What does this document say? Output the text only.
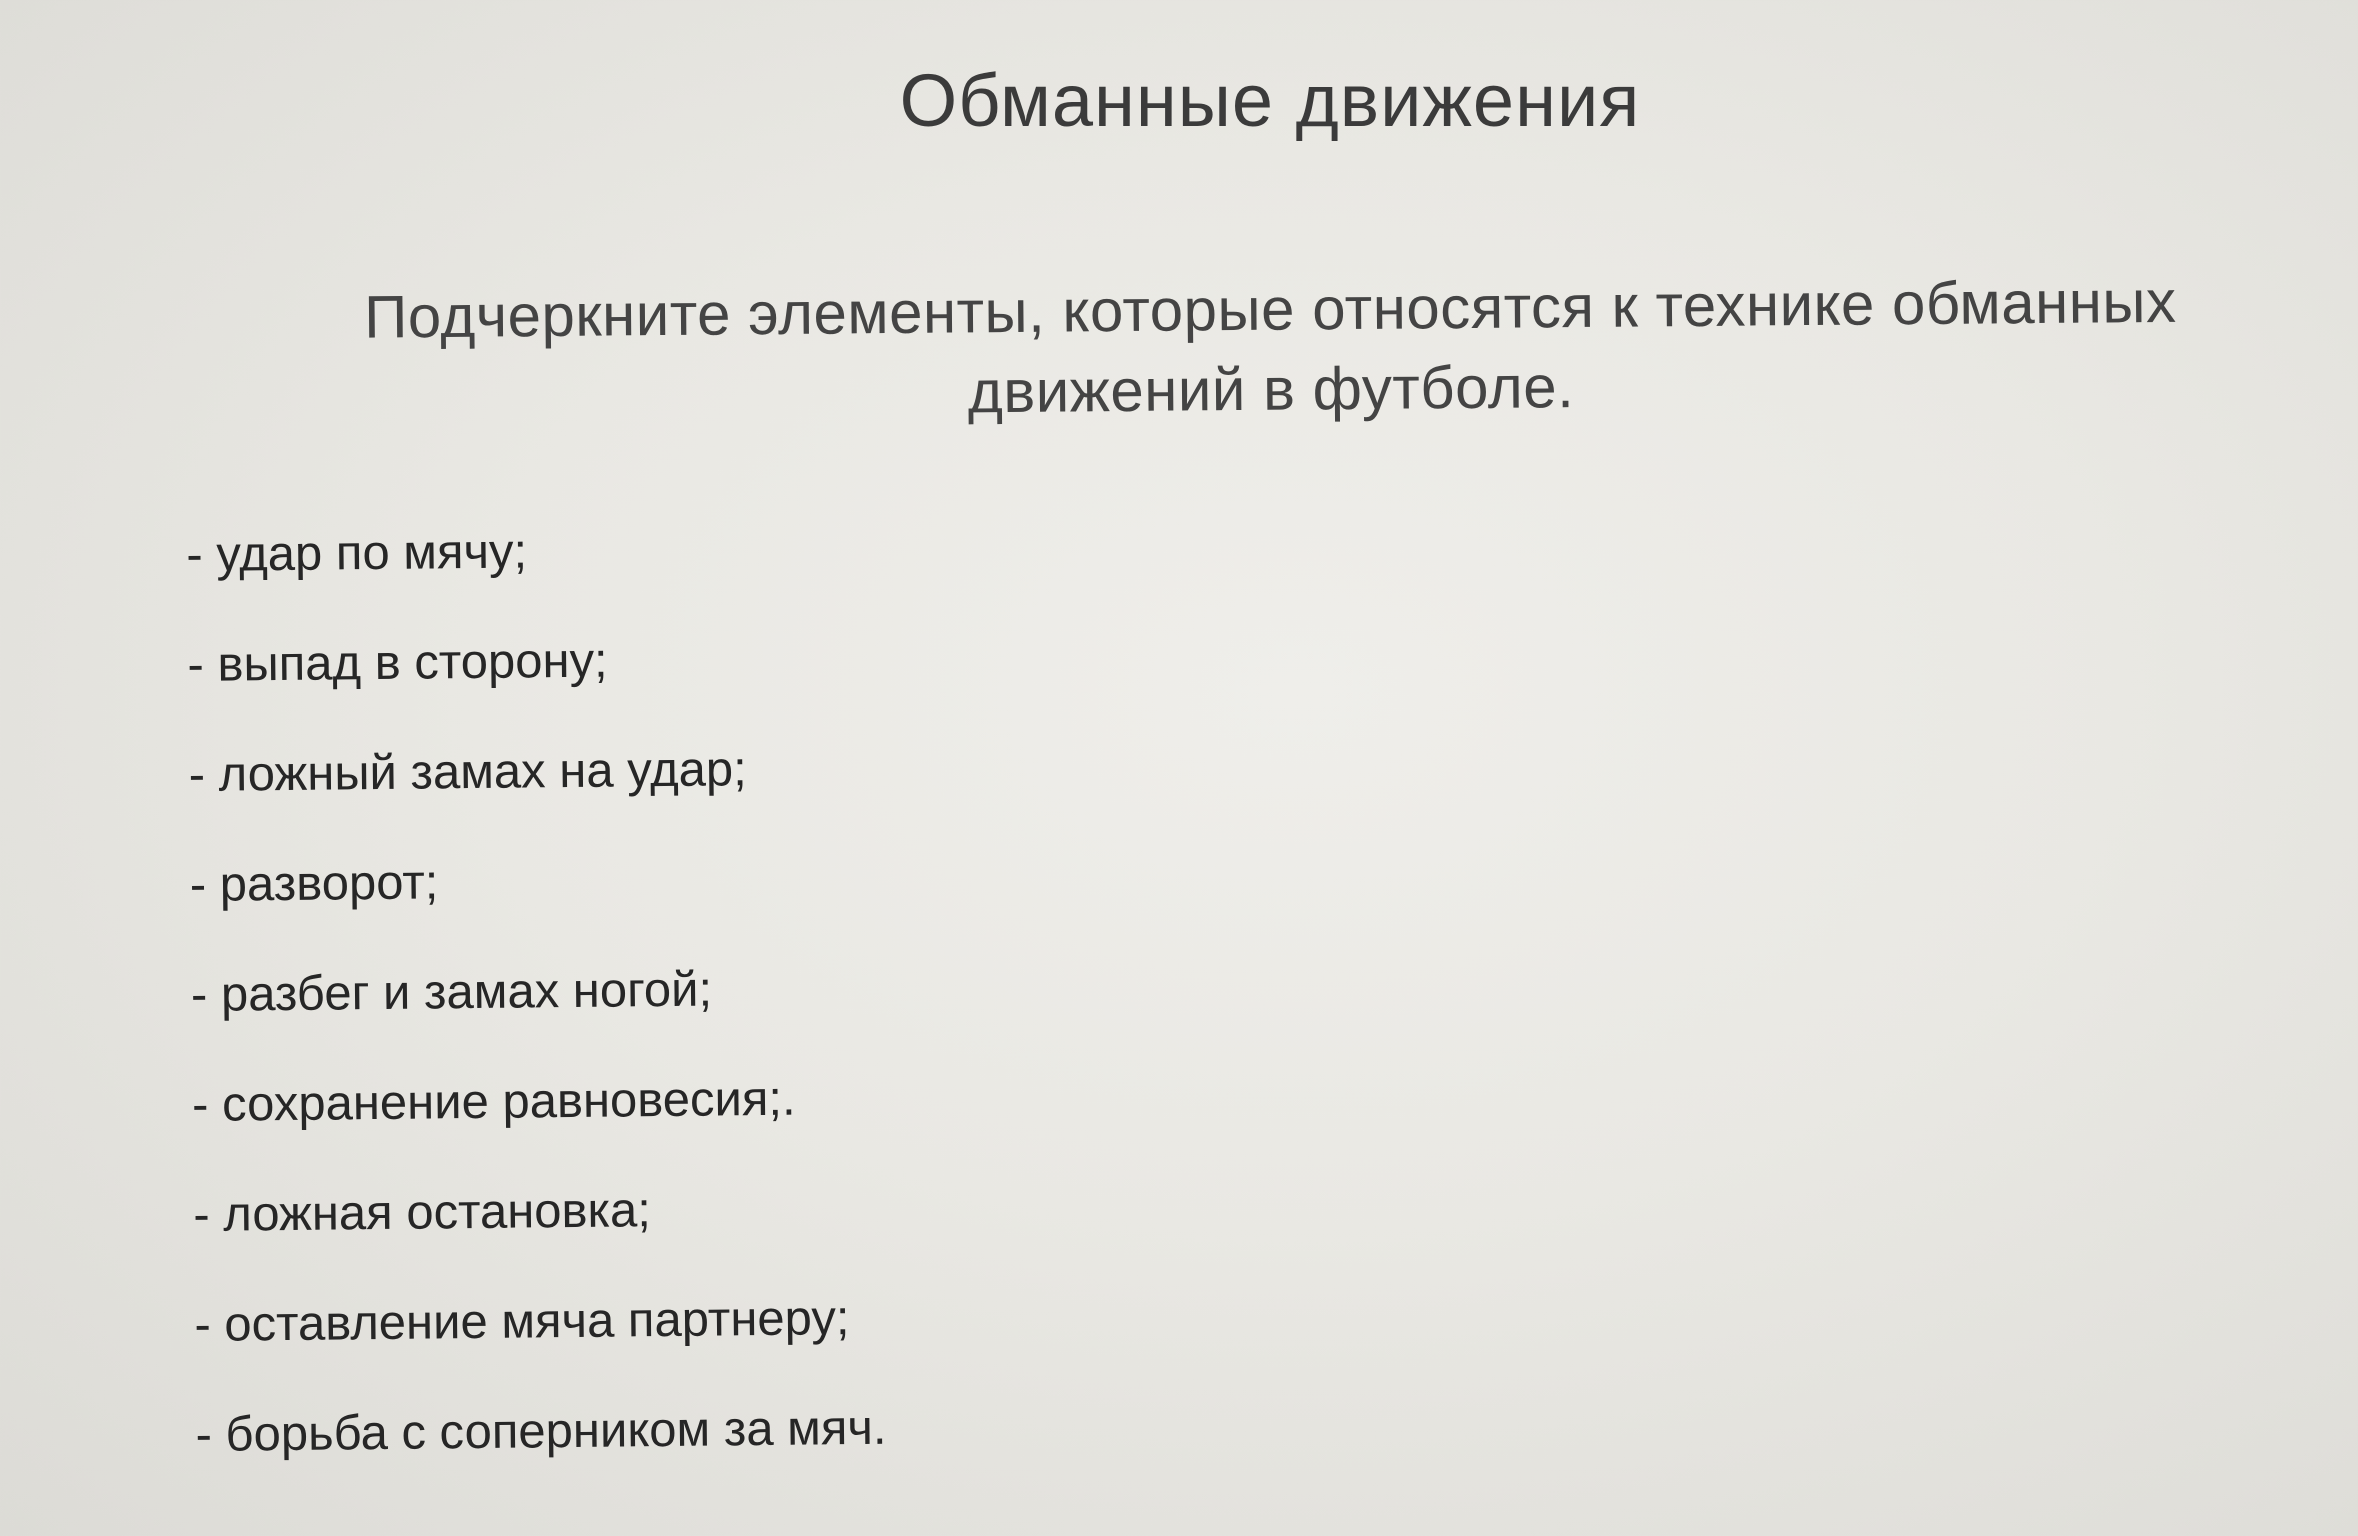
Обманные движения

Подчеркните элементы, которые относятся к технике обманных движений в футболе.

- удар по мячу;
- выпад в сторону;
- ложный замах на удар;
- разворот;
- разбег и замах ногой;
- сохранение равновесия;.
- ложная остановка;
- оставление мяча партнеру;
- борьба с соперником за мяч.
